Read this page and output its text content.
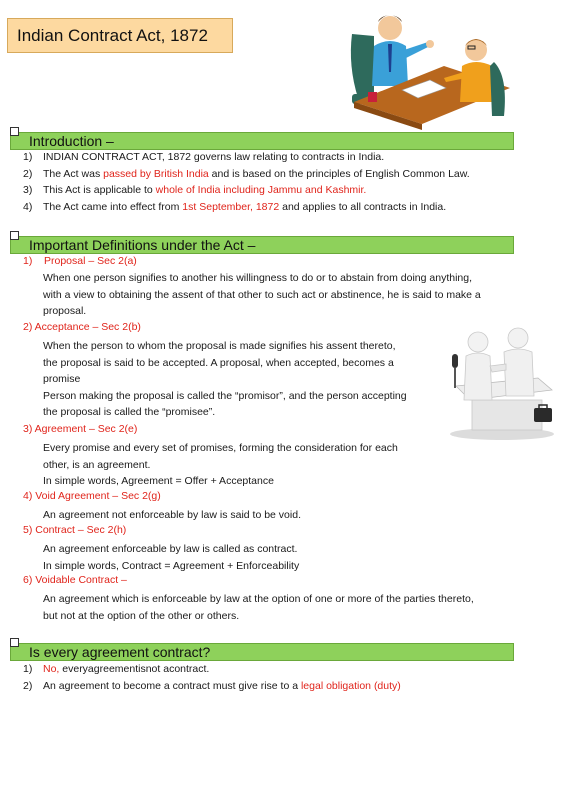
Indian Contract Act, 1872
Introduction –
1) INDIAN CONTRACT ACT, 1872 governs law relating to contracts in India.
2) The Act was passed by British India and is based on the principles of English Common Law.
3) This Act is applicable to whole of India including Jammu and Kashmir.
4) The Act came into effect from 1st September, 1872 and applies to all contracts in India.
Important Definitions under the Act –
1)    Proposal – Sec 2(a)
When one person signifies to another his willingness to do or to abstain from doing anything,
with a view to obtaining the assent of that other to such act or abstinence, he is said to make a
proposal.
2) Acceptance – Sec 2(b)
When the person to whom the proposal is made signifies his assent thereto,
the proposal is said to be accepted. A proposal, when accepted, becomes a
promise
Person making the proposal is called the “promisor”, and the person accepting
the proposal is called the “promisee”.
3) Agreement – Sec 2(e)
Every promise and every set of promises, forming the consideration for each
other, is an agreement.
In simple words, Agreement = Offer + Acceptance
4) Void Agreement – Sec 2(g)
An agreement not enforceable by law is said to be void.
5) Contract – Sec 2(h)
An agreement enforceable by law is called as contract.
In simple words, Contract = Agreement + Enforceability
6) Voidable Contract –
An agreement which is enforceable by law at the option of one or more of the parties thereto,
but not at the option of the other or others.
Is every agreement contract?
1) No, everyagreementisnot acontract.
2) An agreement to become a contract must give rise to a legal obligation (duty)
